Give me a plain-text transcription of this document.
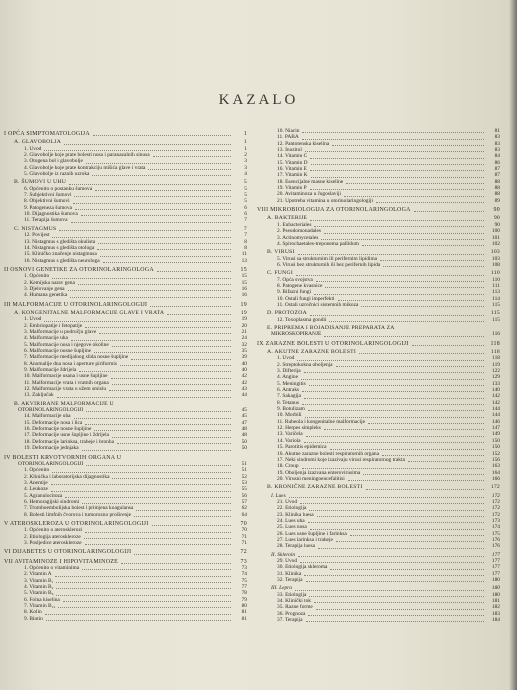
KAZALO
I OPĆA SIMPTOMATOLOGIJA	1
A. GLAVOBOLJA	1
1. Uvod	1
2. Glavobolje koje prate bolesti nosa i paranazalnih sinusa	2
3. Otogena bol i glavobolje	3
4. Glavobolje koje prate kontrakciju mišića glave i vrata	3
5. Glavobolje iz raznih uzroka	4
B. ŠUMOVI U UHU	5
6. Općenito o postanku šumova	5
7. Subjektivni šumovi	5
8. Objektivni šumovi	5
9. Patogeneza šumova	6
10. Dijagnostika šumova	6
11. Terapija šumova	7
C. NISTAGMUS	7
12. Povijest	7
13. Nistagmus s gledišta okulista	8
14. Nistagmus s gledišta otologa	8
15. Kliničko značenje nistagmusa	11
16. Nistagmus s gledišta neurologa	13
II OSNOVI GENETIKE ZA OTORINOLARINGOLOGA	15
1. Općenito	15
2. Kemijska narav gena	15
3. Djelovanje gena	16
4. Humana genetika	16
III MALFORMACIJE U OTORINOLARINGOLOGIJI	19
A. KONGENITALNE MALFORMACIJE GLAVE I VRATA	19
1. Uvod	19
2. Embriopatije i fetopatije	20
3. Malformacije u području glave	21
4. Malformacije uha	24
5. Malformacije nosa i njegove okoline	32
6. Malformacije nosne šupljine	35
7. Malformacije medijalnog slida nosne šupljine	39
8. Anomalije dna nosa i aperture piriformis	40
9. Malformacije ždrijela	40
10. Malformacije usana i usne šupljine	42
11. Malformacije vrata i vratnih organa	42
12. Malformacije vrata u užem smislu	43
13. Zaključak	44
B. AKVIRIRANE MALFORMACIJE U
OTORINOLARINGOLOGIJI	45
14. Malformacije uha	45
15. Deformacije nosa i lica	47
16. Deformacije nosne šupljine	48
17. Deformacije usne šupljine i ždrijela	48
18. Deformacije larinksa, trahеje i bronha	50
19. Deformacije jednjaka	50
IV BOLESTI KRVOTVORNIH ORGANA U
OTORINOLARINGOLOGIJI	51
1. Općenito	51
2. Klinička i laboratorijska dijagnostika	52
3. Anemije	53
4. Leukoze	55
5. Agranulocitoza	56
6. Hemoragijski sindromi	57
7. Tromboembolijska bolest i primjena koagulansa	62
8. Bolesti limfnih čvorova i tumorozno proširenje	64
V ATEROSKLEROZA U OTORINOLARINGOLOGIJI	70
1. Općenito o aterosklerozi	70
2. Etiologija ateroskleroze	71
3. Posljedice ateroskleroze	71
VI DIJABETES U OTORINOLARINGOLOGIJI	72
VII AVITAMINOZE I HIPOVITAMINOZE	73
1. Općenito o vitaminima	73
2. Vitamin A	74
3. Vitamin B₁	75
4. Vitamin B₂	77
5. Vitamin B₆	78
6. Folna kiselina	79
7. Vitamin B₁₂	80
8. Kolin	81
9. Biotin	81
10. Niacin	81
11. PABA	83
12. Pantotenska kiselina	83
13. Inozitol	83
14. Vitamin C	84
15. Vitamin D	86
16. Vitamin E	87
17. Vitamin K	87
18. Esencijalne masne kiseline	88
19. Vitamin P	88
20. Avitaminoza u Jugoslaviji	88
21. Upotreba vitamina u otorinolaringologiji	89
VIII MIKROBIOLOGIJA ZA OTORINOLARINGOLOGA	90
A. BAKTERIJE	90
1. Eubacteriales	90
2. Pseudomonadales	100
3. Actinomycetales	101
4. Spirochaetales-treponema pallidum	102
B. VIRUSI	103
5. Virusi sa strukturnim ili perifernim lipidima	103
6. Virusi bez strukturnih ili bez perifernih lipida	108
C. FUNGI	110
7. Opća svojstva	110
8. Patogene kvasnice	111
9. Bifazni fungi	113
10. Ostali fungi imperfekti	114
11. Ostali uzročnici sistemnih mikoza	115
D. PROTOZOA	115
12. Toxoplasma gondii	115
E. PRIPREMA I BOJADISANJE PREPARATA ZA
MIKROSKOPIRANJE	116
IX ZARAZNE BOLESTI U OTORINOLARINGOLOGIJI	118
A. AKUTNE ZARAZNE BOLESTI	118
1. Uvod	118
2. Streptokokna oboljenja	119
3. Difterija	122
4. Angine	129
5. Meningitis	133
6. Antraks	140
7. Sakagija	142
8. Tetanus	142
9. Botulizam	144
10. Morbili	144
11. Rubeola i kongenitalne malformacije	146
12. Herpes simpleks	147
13. Varičela	149
14. Variola	150
15. Parotitis epidemica	150
16. Akutne zarazne bolesti respiratornih organa	152
17. Neki sindromi koje izazivaju virusi respiratornog trakta	156
18. Croup	163
19. Oboljenja izazvana enterovirusima	164
20. Virusni meningoencefalitisi	166
B. KRONIČNE ZARAZNE BOLESTI	172
I. Lues	172
21. Uvod	172
22. Etiologija	172
23. Klinika luesa	172
24. Lues uha	173
25. Lues nosa	174
26. Lues usne šupljine i farinksa	175
27. Lues larinksa i traheje	176
28. Terapija luesa	176
II. Skleroin	177
29. Uvod	177
30. Etiologija skleroma	177
31. Klinika	177
32. Terapija	180
III. Lepra	180
33. Etiologija	180
34. Klinički tok	181
35. Razne forme	182
36. Prognoza	183
37. Terapija	184
